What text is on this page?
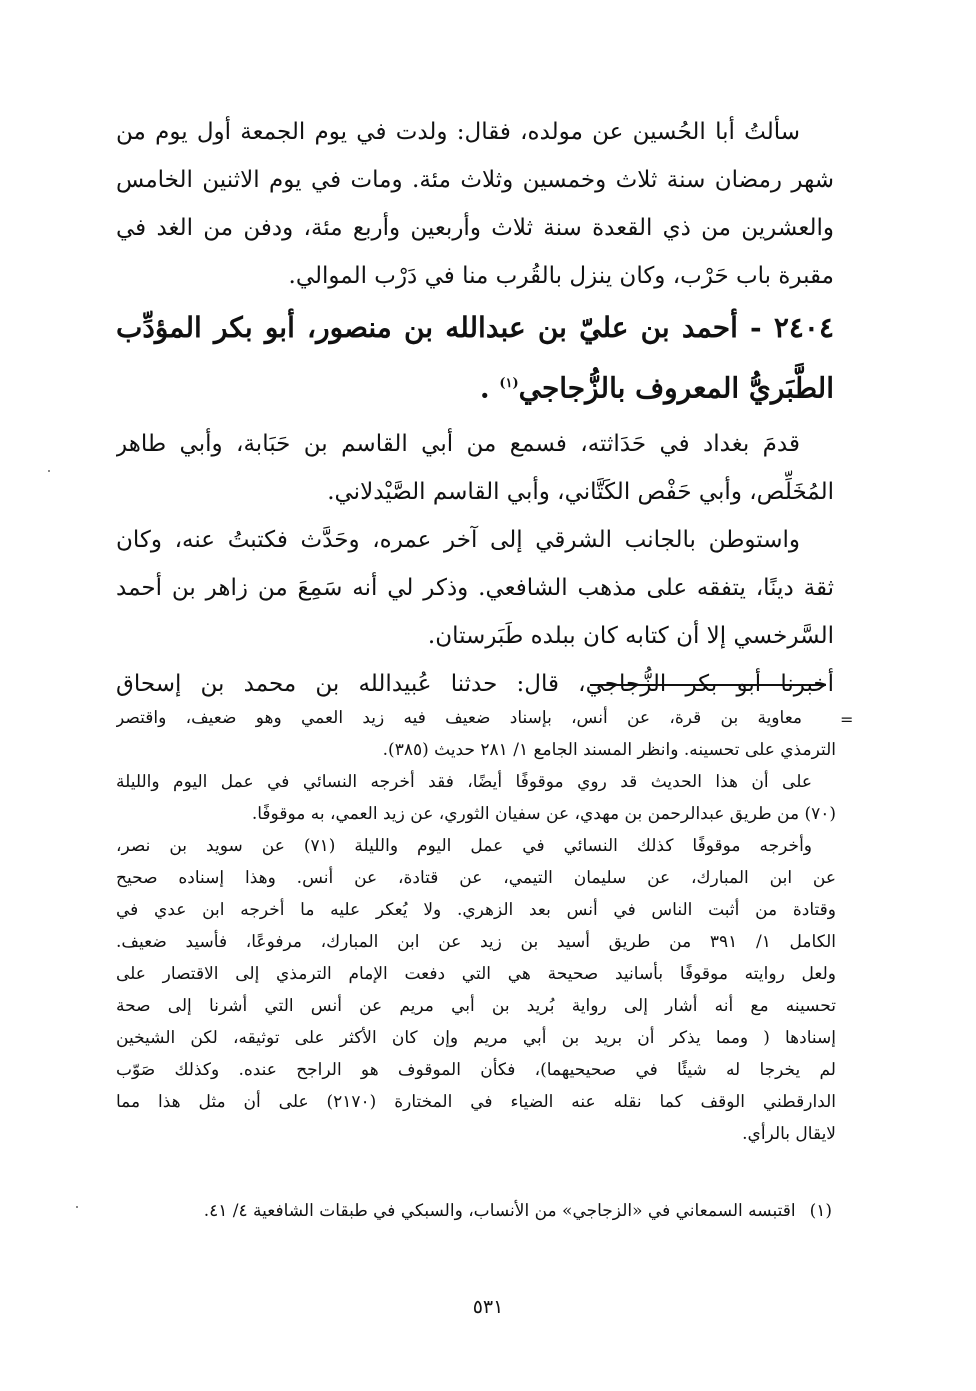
سألتُ أبا الحُسين عن مولده، فقال: ولدت في يوم الجمعة أول يوم من
شهر رمضان سنة ثلاث وخمسين وثلاث مئة. ومات في يوم الاثنين الخامس
والعشرين من ذي القعدة سنة ثلاث وأربعين وأربع مئة، ودفن من الغد في
مقبرة باب حَرْب، وكان ينزل بالقُرب منا في دَرْب الموالي.
٢٤٠٤ - أحمد بن عليّ بن عبدالله بن منصور، أبو بكر المؤدِّب
الطَّبَريُّ المعروف بالزُّجاجي$^{(١)}$ .
قدمَ بغداد في حَدَاثته، فسمع من أبي القاسم بن حَبَابة، وأبي طاهر
المُخَلِّص، وأبي حَفْص الكَتَّاني، وأبي القاسم الصَّيْدلاني.
واستوطن بالجانب الشرقي إلى آخر عمره، وحَدَّث فكتبتُ عنه، وكان
ثقة دينًا، يتفقه على مذهب الشافعي. وذكر لي أنه سَمِعَ من زاهر بن أحمد
السَّرخسي إلا أن كتابه كان ببلده طَبَرستان.
أخبرنا أبو بكر الزُّجاجي، قال: حدثنا عُبيدالله بن محمد بن إسحاق
=
معاوية بن قرة، عن أنس، بإسناد ضعيف فيه زيد العمي وهو ضعيف، واقتصر
الترمذي على تحسينه. وانظر المسند الجامع ١/ ٢٨١ حديث (٣٨٥).
على أن هذا الحديث قد روي موقوفًا أيضًا، فقد أخرجه النسائي في عمل اليوم والليلة
(٧٠) من طريق عبدالرحمن بن مهدي، عن سفيان الثوري، عن زيد العمي، به موقوفًا.
وأخرجه موقوفًا كذلك النسائي في عمل اليوم والليلة (٧١) عن سويد بن نصر،
عن ابن المبارك، عن سليمان التيمي، عن قتادة، عن أنس. وهذا إسناده صحيح
وقتادة من أثبت الناس في أنس بعد الزهري. ولا يُعكر عليه ما أخرجه ابن عدي في
الكامل ١/ ٣٩١ من طريق أسيد بن زيد عن ابن المبارك، مرفوعًا، فأسيد ضعيف.
ولعل روايته موقوفًا بأسانيد صحيحة هي التي دفعت الإمام الترمذي إلى الاقتصار على
تحسينه مع أنه أشار إلى رواية بُريد بن أبي مريم عن أنس التي أشرنا إلى صحة
إسنادها ( ومما يذكر أن بريد بن أبي مريم وإن كان الأكثر على توثيقه، لكن الشيخين
لم يخرجا له شيئًا في صحيحيهما)، فكأن الموقوف هو الراجح عنده. وكذلك صَوّب
الدارقطني الوقف كما نقله عنه الضياء في المختارة (٢١٧٠) على أن مثل هذا مما
لايقال بالرأي.
(١)اقتبسه السمعاني في «الزجاجي» من الأنساب، والسبكي في طبقات الشافعية ٤/ ٤١.
٥٣١
